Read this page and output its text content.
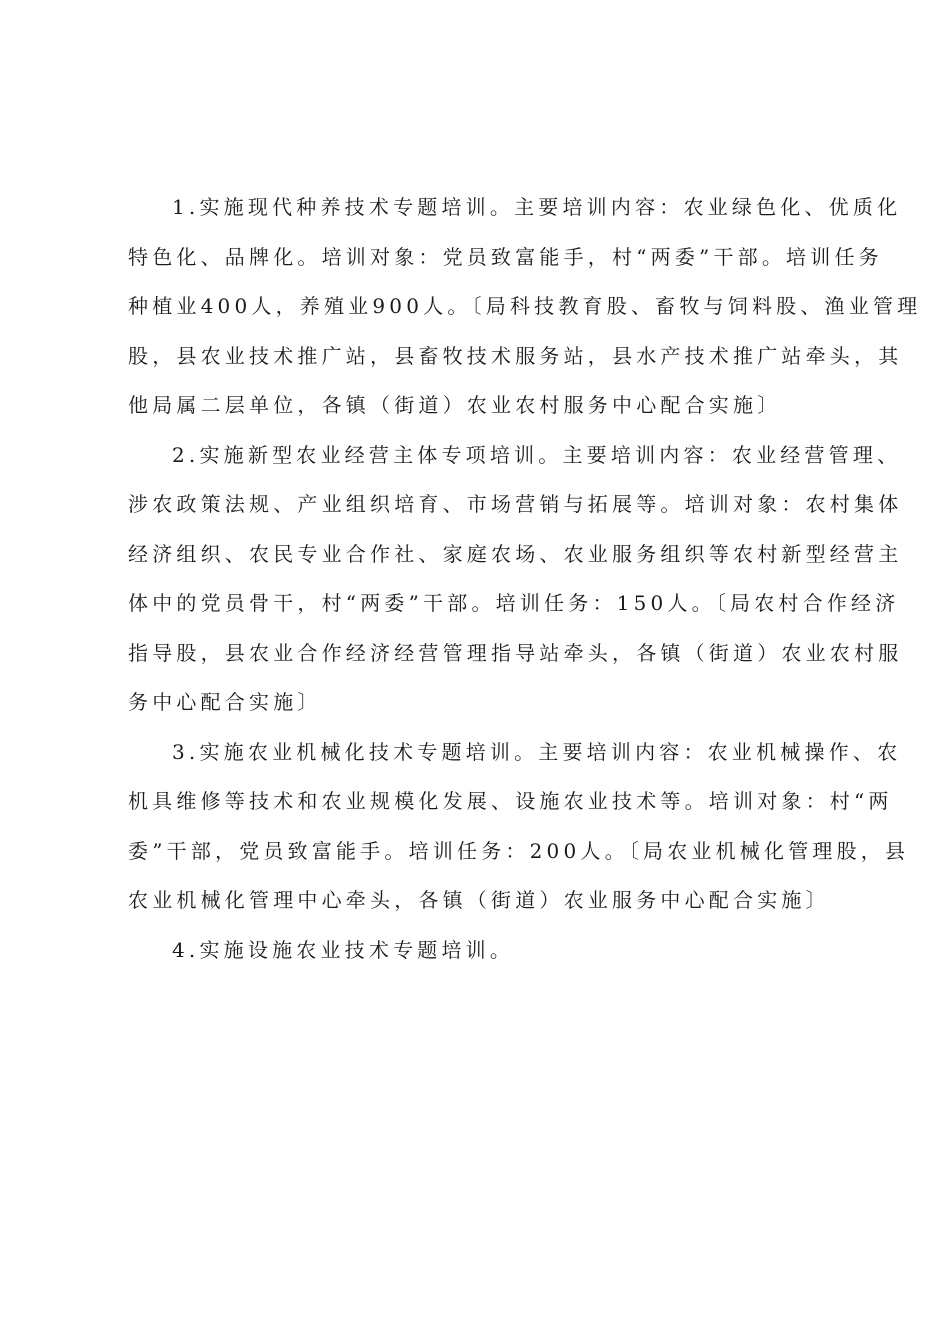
1.实施现代种养技术专题培训。主要培训内容：农业绿色化、优质化
特色化、品牌化。培训对象：党员致富能手，村“两委”干部。培训任务
种植业400人，养殖业900人。〔局科技教育股、畜牧与饲料股、渔业管理
股，县农业技术推广站，县畜牧技术服务站，县水产技术推广站牵头，其
他局属二层单位，各镇（街道）农业农村服务中心配合实施〕
2.实施新型农业经营主体专项培训。主要培训内容：农业经营管理、
涉农政策法规、产业组织培育、市场营销与拓展等。培训对象：农村集体
经济组织、农民专业合作社、家庭农场、农业服务组织等农村新型经营主
体中的党员骨干，村“两委”干部。培训任务：150人。〔局农村合作经济
指导股，县农业合作经济经营管理指导站牵头，各镇（街道）农业农村服
务中心配合实施〕
3.实施农业机械化技术专题培训。主要培训内容：农业机械操作、农
机具维修等技术和农业规模化发展、设施农业技术等。培训对象：村“两
委”干部，党员致富能手。培训任务：200人。〔局农业机械化管理股，县
农业机械化管理中心牵头，各镇（街道）农业服务中心配合实施〕
4.实施设施农业技术专题培训。
